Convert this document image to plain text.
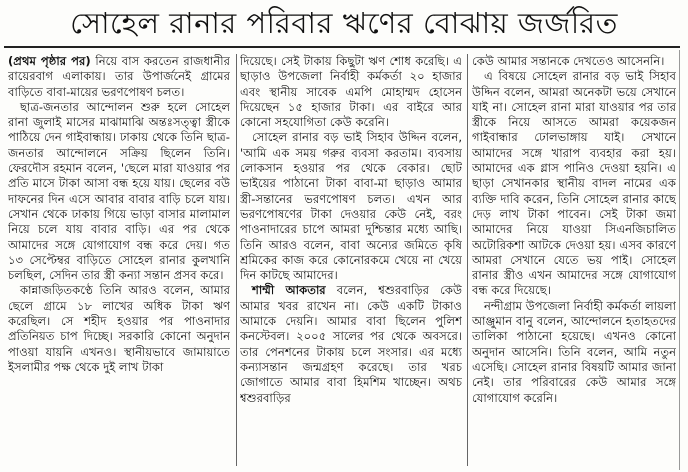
সোহেল রানার পরিবার ঋণের বোঝায় জর্জরিত

(প্রথম পৃষ্ঠার পর) নিয়ে বাস করতেন রাজধানীর রায়েরবাগ এলাকায়। তার উপার্জনেই গ্রামের বাড়িতে বাবা-মায়ের ভরণপোষণ চলত।

ছাত্র-জনতার আন্দোলন শুরু হলে সোহেল রানা জুলাই মাসের মাঝামাঝি অন্তঃসত্ত্বা স্ত্রীকে পাঠিয়ে দেন গাইবান্ধায়। ঢাকায় থেকে তিনি ছাত্র-জনতার আন্দোলনে সক্রিয় ছিলেন তিনি। ফেরদৌস রহমান বলেন, 'ছেলে মারা যাওয়ার পর প্রতি মাসে টাকা আসা বন্ধ হয়ে যায়। ছেলের বউ দাফনের দিন এসে আবার বাবার বাড়ি চলে যায়। সেখান থেকে ঢাকায় গিয়ে ভাড়া বাসার মালামাল নিয়ে চলে যায় বাবার বাড়ি। এর পর থেকে আমাদের সঙ্গে যোগাযোগ বন্ধ করে দেয়। গত ১৩ সেপ্টেম্বর বাড়িতে সোহেল রানার কুলখানি চলছিল, সেদিন তার স্ত্রী কন্যা সন্তান প্রসব করে।

কান্নাজড়িতকণ্ঠে তিনি আরও বলেন, আমার ছেলে গ্রামে ১৮ লাখের অধিক টাকা ঋণ করেছিল। সে শহীদ হওয়ার পর পাওনাদার প্রতিনিয়ত চাপ দিচ্ছে। সরকারি কোনো অনুদান পাওয়া যায়নি এখনও। স্থানীয়ভাবে জামায়াতে ইসলামীর পক্ষ থেকে দুই লাখ টাকা

দিয়েছে। সেই টাকায় কিছুটা ঋণ শোধ করেছি। এ ছাড়াও উপজেলা নির্বাহী কর্মকর্তা ২০ হাজার এবং স্থানীয় সাবেক এমপি মোহাম্মদ হোসেন দিয়েছেন ১৫ হাজার টাকা। এর বাইরে আর কোনো সহযোগিতা কেউ করেনি।

সোহেল রানার বড় ভাই সিহাব উদ্দিন বলেন, 'আমি এক সময় গরুর ব্যবসা করতাম। ব্যবসায় লোকসান হওয়ার পর থেকে বেকার। ছোট ভাইয়ের পাঠানো টাকা বাবা-মা ছাড়াও আমার স্ত্রী-সন্তানের ভরণপোষণ চলত। এখন আর ভরণপোষণের টাকা দেওয়ার কেউ নেই, বরং পাওনাদারের চাপে আমরা দুশ্চিন্তার মধ্যে আছি। তিনি আরও বলেন, বাবা অন্যের জমিতে কৃষি শ্রমিকের কাজ করে কোনোরকমে খেয়ে না খেয়ে দিন কাটছে আমাদের।

শাম্মী আকতার বলেন, শ্বশুরবাড়ির কেউ আমার খবর রাখেন না। কেউ একটি টাকাও আমাকে দেয়নি। আমার বাবা ছিলেন পুলিশ কনস্টেবল। ২০০৫ সালের পর থেকে অবসরে। তার পেনশনের টাকায় চলে সংসার। এর মধ্যে কন্যাসন্তান জন্মগ্রহণ করেছে। তার খরচ জোগাতে আমার বাবা হিমশিম খাচ্ছেন। অথচ শ্বশুরবাড়ির

কেউ আমার সন্তানকে দেখতেও আসেননি।

এ বিষয়ে সোহেল রানার বড় ভাই সিহাব উদ্দিন বলেন, আমরা অনেকটা ভয়ে সেখানে যাই না। সোহেল রানা মারা যাওয়ার পর তার স্ত্রীকে নিয়ে আসতে আমরা কয়েকজন গাইবান্ধার ঢোলভাঙ্গায় যাই। সেখানে আমাদের সঙ্গে খারাপ ব্যবহার করা হয়। আমাদের এক গ্লাস পানিও দেওয়া হয়নি। এ ছাড়া সেখানকার স্থানীয় বাদল নামের এক ব্যক্তি দাবি করেন, তিনি সোহেল রানার কাছে দেড় লাখ টাকা পাবেন। সেই টাকা জমা আমাদের নিয়ে যাওয়া সিএনজিচালিত অটোরিকশা আটকে দেওয়া হয়। এসব কারণে আমরা সেখানে যেতে ভয় পাই। সোহেল রানার স্ত্রীও এখন আমাদের সঙ্গে যোগাযোগ বন্ধ করে দিয়েছে।

নন্দীগ্রাম উপজেলা নির্বাহী কর্মকর্তা লায়লা আঞ্জুমান বানু বলেন, আন্দোলনে হতাহতদের তালিকা পাঠানো হয়েছে। এখনও কোনো অনুদান আসেনি। তিনি বলেন, আমি নতুন এসেছি। সোহেল রানার বিষয়টি আমার জানা নেই। তার পরিবারের কেউ আমার সঙ্গে যোগাযোগ করেনি।
